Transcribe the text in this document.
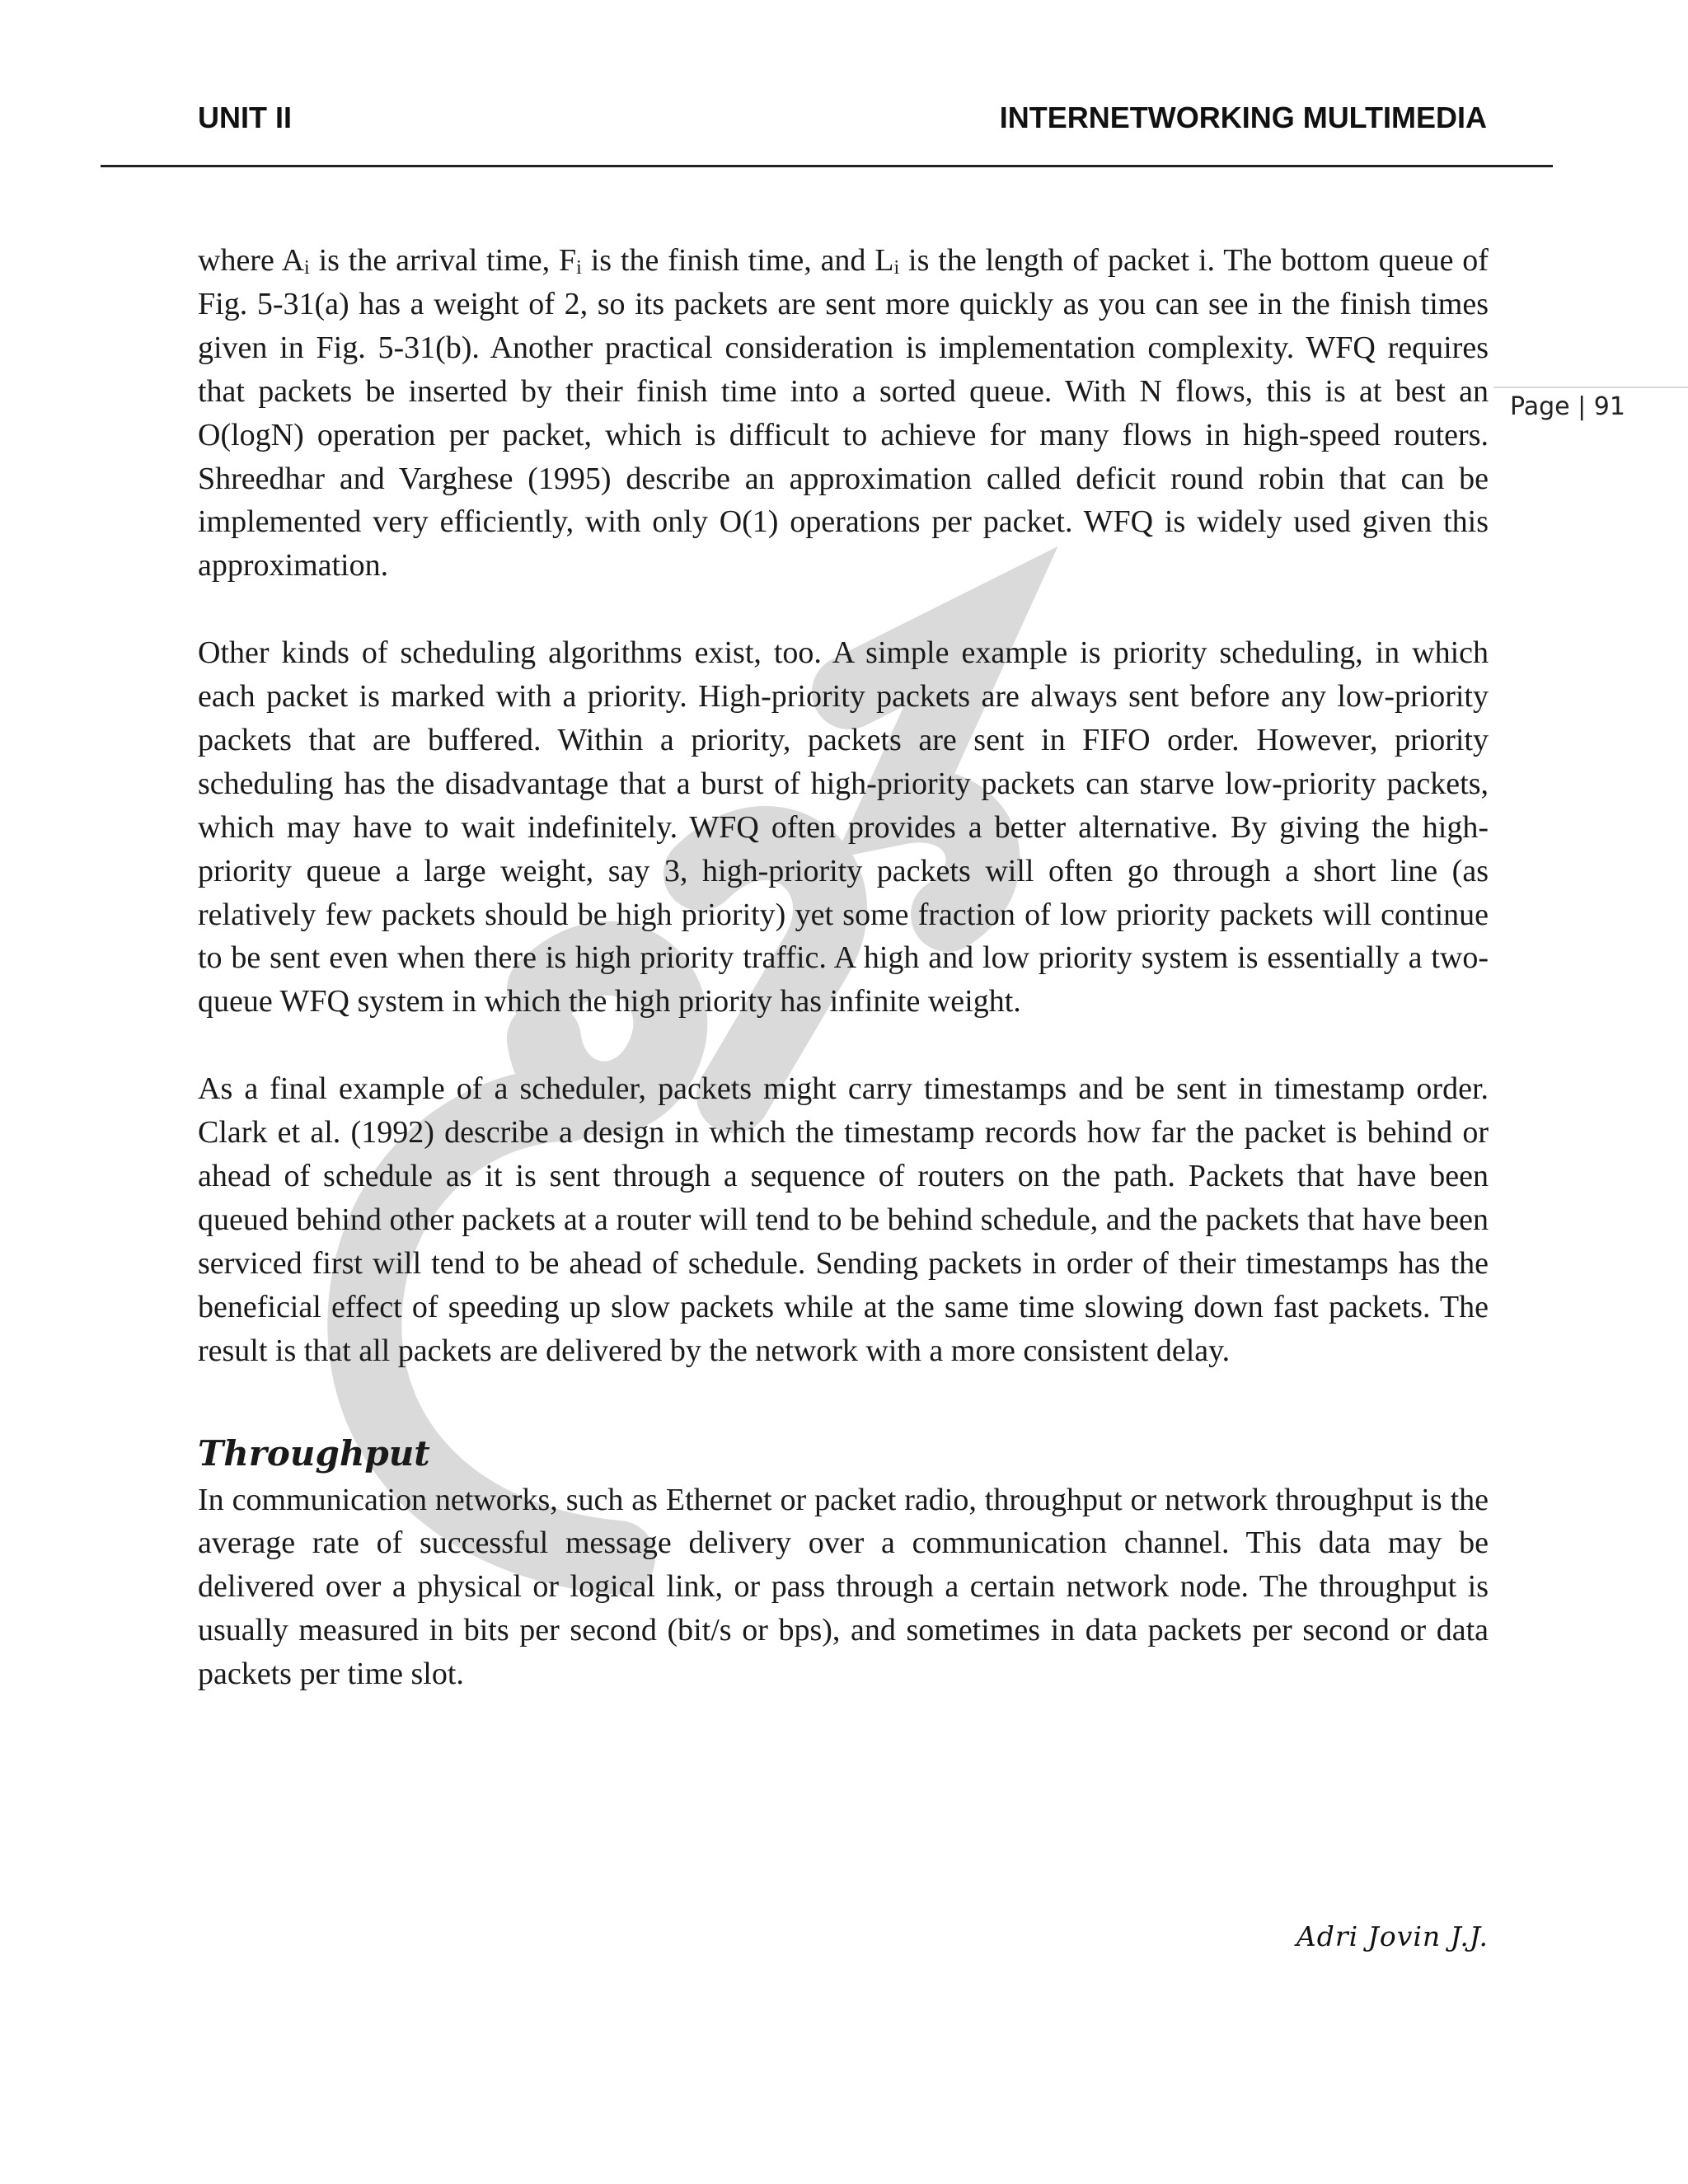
UNIT II	INTERNETWORKING MULTIMEDIA
Page | 91

where $A_i$ is the arrival time, $F_i$ is the finish time, and $L_i$ is the length of packet i. The bottom queue of Fig. 5-31(a) has a weight of 2, so its packets are sent more quickly as you can see in the finish times given in Fig. 5-31(b). Another practical consideration is implementation complexity. WFQ requires that packets be inserted by their finish time into a sorted queue. With N flows, this is at best an O(logN) operation per packet, which is difficult to achieve for many flows in high-speed routers. Shreedhar and Varghese (1995) describe an approximation called deficit round robin that can be implemented very efficiently, with only O(1) operations per packet. WFQ is widely used given this approximation.

Other kinds of scheduling algorithms exist, too. A simple example is priority scheduling, in which each packet is marked with a priority. High-priority packets are always sent before any low-priority packets that are buffered. Within a priority, packets are sent in FIFO order. However, priority scheduling has the disadvantage that a burst of high-priority packets can starve low-priority packets, which may have to wait indefinitely. WFQ often provides a better alternative. By giving the high-priority queue a large weight, say 3, high-priority packets will often go through a short line (as relatively few packets should be high priority) yet some fraction of low priority packets will continue to be sent even when there is high priority traffic. A high and low priority system is essentially a two-queue WFQ system in which the high priority has infinite weight.

As a final example of a scheduler, packets might carry timestamps and be sent in timestamp order. Clark et al. (1992) describe a design in which the timestamp records how far the packet is behind or ahead of schedule as it is sent through a sequence of routers on the path. Packets that have been queued behind other packets at a router will tend to be behind schedule, and the packets that have been serviced first will tend to be ahead of schedule. Sending packets in order of their timestamps has the beneficial effect of speeding up slow packets while at the same time slowing down fast packets. The result is that all packets are delivered by the network with a more consistent delay.

Throughput

In communication networks, such as Ethernet or packet radio, throughput or network throughput is the average rate of successful message delivery over a communication channel. This data may be delivered over a physical or logical link, or pass through a certain network node. The throughput is usually measured in bits per second (bit/s or bps), and sometimes in data packets per second or data packets per time slot.

Adri Jovin J.J.
